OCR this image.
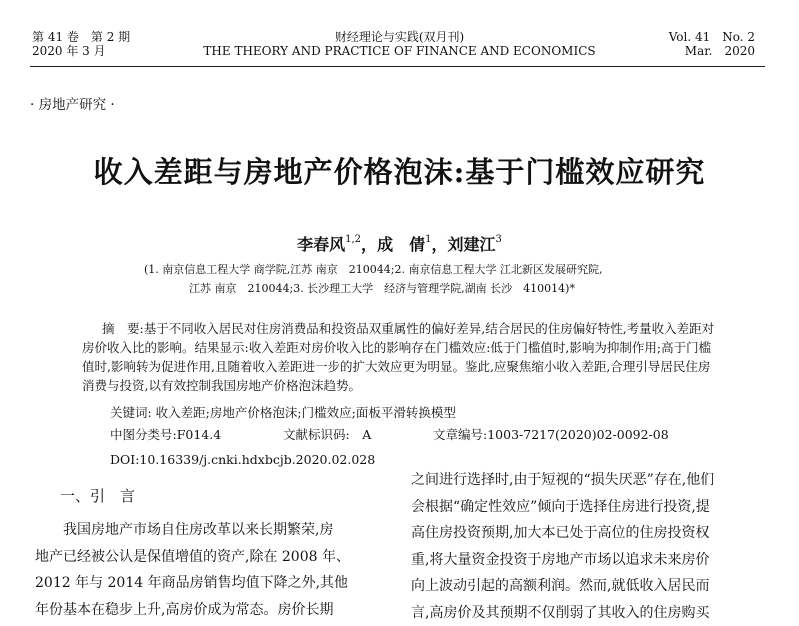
第 41 卷　第 2 期
2020 年 3 月
财经理论与实践(双月刊)
THE THEORY AND PRACTICE OF FINANCE AND ECONOMICS
Vol. 41　No. 2
Mar.　2020
· 房地产研究 ·
收入差距与房地产价格泡沫:基于门槛效应研究
李春风$^{1,2}$，成　倩$^1$，刘建江$^3$
(1. 南京信息工程大学 商学院,江苏 南京　210044;2. 南京信息工程大学 江北新区发展研究院,
江苏 南京　210044;3. 长沙理工大学　经济与管理学院,湖南 长沙　410014)*
摘　要:基于不同收入居民对住房消费品和投资品双重属性的偏好差异,结合居民的住房偏好特性,考量收入差距对房价收入比的影响。结果显示:收入差距对房价收入比的影响存在门槛效应:低于门槛值时,影响为抑制作用;高于门槛值时,影响转为促进作用,且随着收入差距进一步的扩大效应更为明显。鉴此,应聚焦缩小收入差距,合理引导居民住房消费与投资,以有效控制我国房地产价格泡沫趋势。
关键词: 收入差距;房地产价格泡沫;门槛效应;面板平滑转换模型
中图分类号:F014.4	文献标识码:　A	文章编号:1003-7217(2020)02-0092-08
DOI:10.16339/j.cnki.hdxbcjb.2020.02.028
一、引　言
　　我国房地产市场自住房改革以来长期繁荣,房
地产已经被公认是保值增值的资产,除在 2008 年、
2012 年与 2014 年商品房销售均值下降之外,其他
年份基本在稳步上升,高房价成为常态。房价长期
之间进行选择时,由于短视的“损失厌恶”存在,他们
会根据“确定性效应”倾向于选择住房进行投资,提
高住房投资预期,加大本已处于高位的住房投资权
重,将大量资金投资于房地产市场以追求未来房价
向上波动引起的高额利润。然而,就低收入居民而
言,高房价及其预期不仅削弱了其收入的住房购买
